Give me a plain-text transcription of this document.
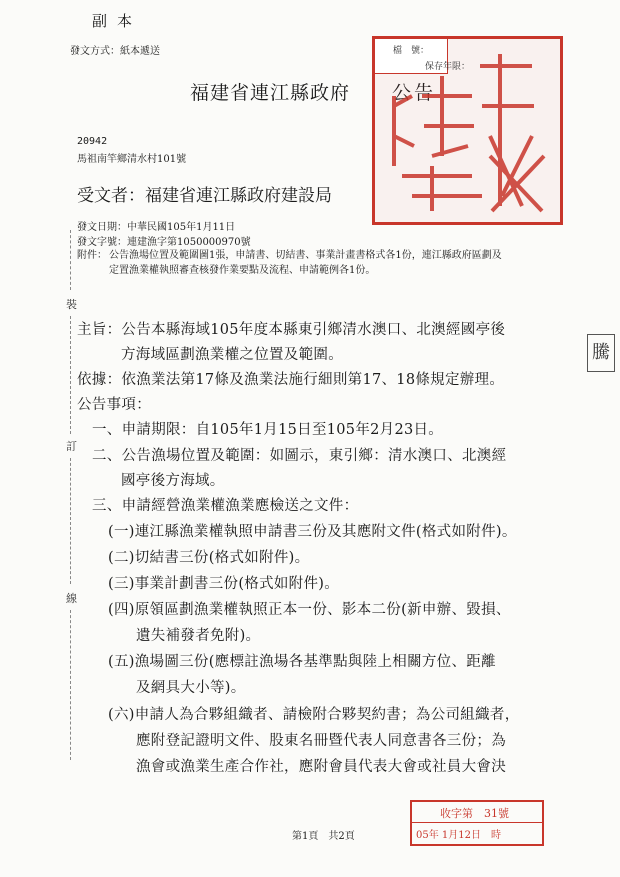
副本
發文方式：紙本遞送
福建省連江縣政府 公告
檔　號：
保存年限：
20942
馬祖南竿鄉清水村101號
受文者：福建省連江縣政府建設局
發文日期：中華民國105年1月11日
發文字號：連建漁字第1050000970號
附件： 公告漁場位置及範圍圖1張，申請書、切結書、事業計畫書格式各1份，連江縣政府區劃及定置漁業權執照審查核發作業要點及流程、申請範例各1份。
裝
訂
線
騰
主旨：公告本縣海域105年度本縣東引鄉清水澳口、北澳經國亭後
方海域區劃漁業權之位置及範圍。
依據：依漁業法第17條及漁業法施行細則第17、18條規定辦理。
公告事項：
一、申請期限：自105年1月15日至105年2月23日。
二、公告漁場位置及範圍：如圖示，東引鄉：清水澳口、北澳經
國亭後方海域。
三、申請經營漁業權漁業應檢送之文件：
(一)連江縣漁業權執照申請書三份及其應附文件(格式如附件)。
(二)切結書三份(格式如附件)。
(三)事業計劃書三份(格式如附件)。
(四)原領區劃漁業權執照正本一份、影本二份(新申辦、毀損、
遺失補發者免附)。
(五)漁場圖三份(應標註漁場各基準點與陸上相關方位、距離
及網具大小等)。
(六)申請人為合夥組織者、請檢附合夥契約書；為公司組織者，
應附登記證明文件、股東名冊暨代表人同意書各三份；為
漁會或漁業生產合作社，應附會員代表大會或社員大會決
收字第　31號
05年 1月12日　時
第1頁　共2頁
